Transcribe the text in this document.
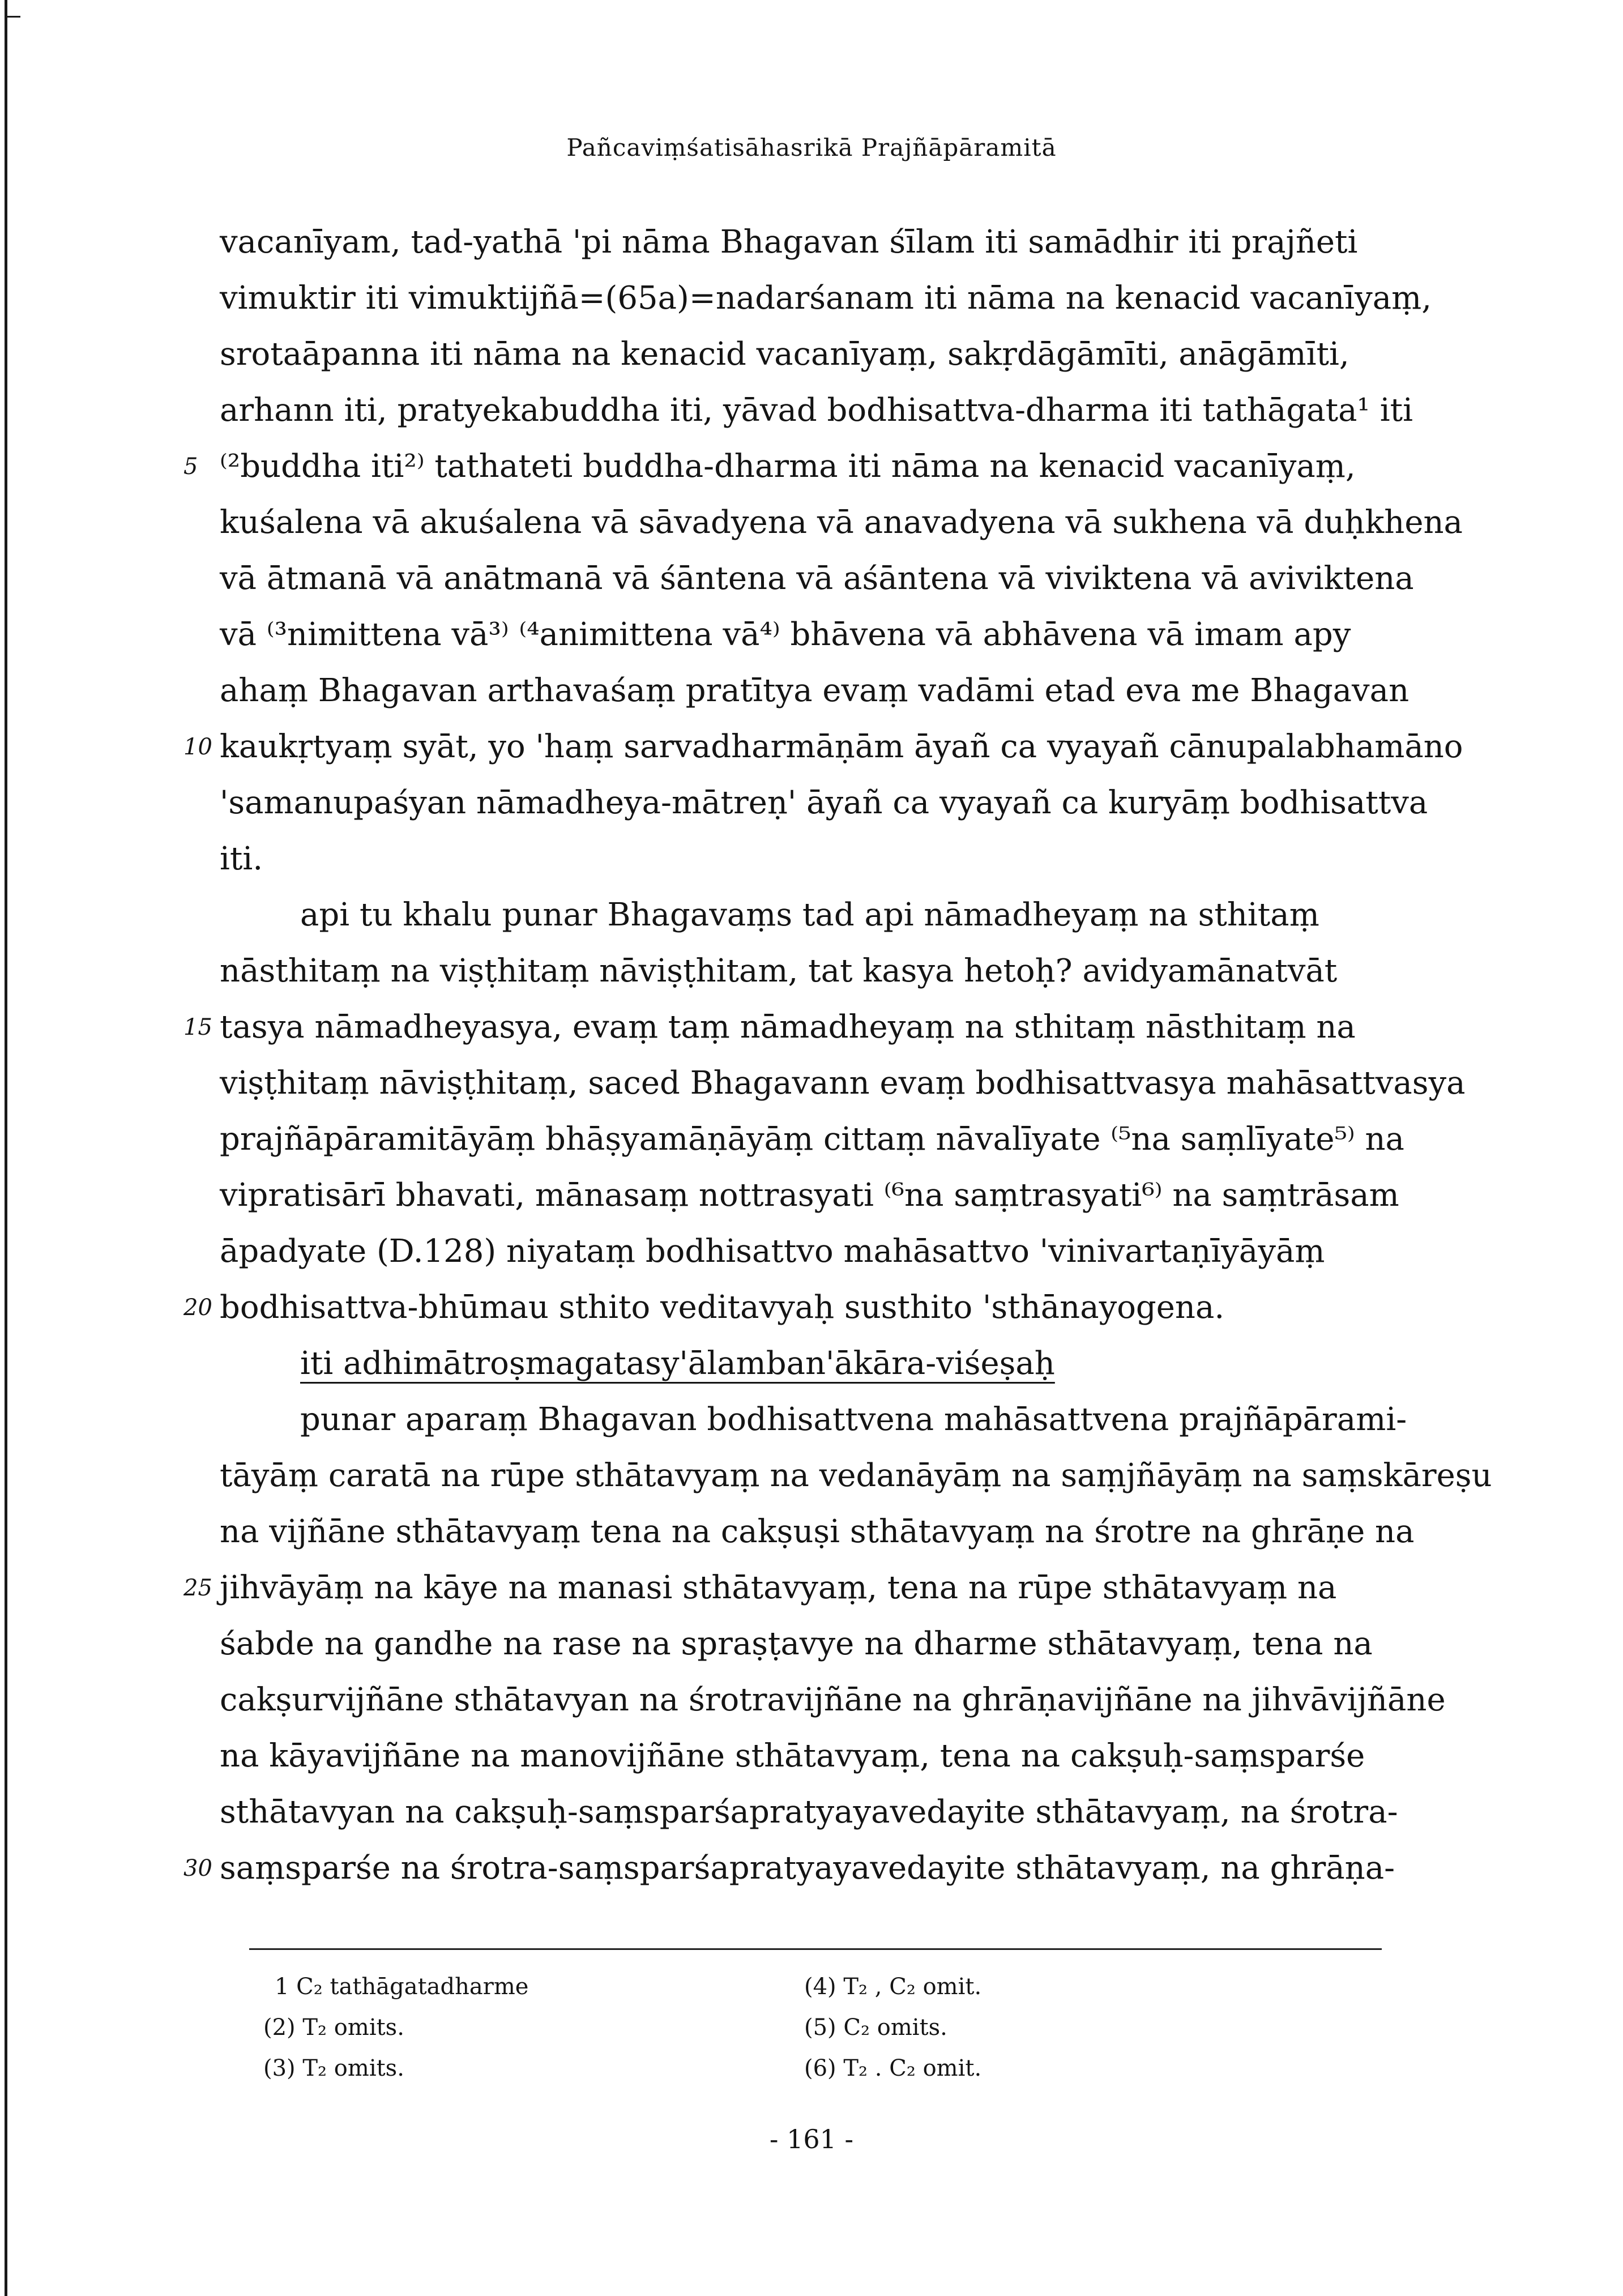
Pañcaviṃśatisāhasrikā Prajñāpāramitā
vacanīyam, tad-yathā 'pi nāma Bhagavan śīlam iti samādhir iti prajñeti
vimuktir iti vimuktijñā=(65a)=nadarśanam iti nāma na kenacid vacanīyaṃ,
srotaāpanna iti nāma na kenacid vacanīyaṃ, sakṛdāgāmīti, anāgāmīti,
arhann iti, pratyekabuddha iti, yāvad bodhisattva-dharma iti tathāgata¹ iti
⁽²buddha iti²⁾ tathateti buddha-dharma iti nāma na kenacid vacanīyaṃ,
kuśalena vā akuśalena vā sāvadyena vā anavadyena vā sukhena vā duḥkhena
vā ātmanā vā anātmanā vā śāntena vā aśāntena vā viviktena vā aviviktena
vā ⁽³nimittena vā³⁾ ⁽⁴animittena vā⁴⁾ bhāvena vā abhāvena vā imam apy
ahaṃ Bhagavan arthavaśaṃ pratītya evaṃ vadāmi etad eva me Bhagavan
kaukṛtyaṃ syāt, yo 'haṃ sarvadharmāṇām āyañ ca vyayañ cānupalabhamāno
'samanupaśyan nāmadheya-mātreṇ' āyañ ca vyayañ ca kuryāṃ bodhisattva
iti.
api tu khalu punar Bhagavaṃs tad api nāmadheyaṃ na sthitaṃ
nāsthitaṃ na viṣṭhitaṃ nāviṣṭhitam, tat kasya hetoḥ? avidyamānatvāt
tasya nāmadheyasya, evaṃ taṃ nāmadheyaṃ na sthitaṃ nāsthitaṃ na
viṣṭhitaṃ nāviṣṭhitaṃ, saced Bhagavann evaṃ bodhisattvasya mahāsattvasya
prajñāpāramitāyāṃ bhāṣyamāṇāyāṃ cittaṃ nāvalīyate ⁽⁵na saṃlīyate⁵⁾ na
vipratisārī bhavati, mānasaṃ nottrasyati ⁽⁶na saṃtrasyati⁶⁾ na saṃtrāsam
āpadyate (D.128) niyataṃ bodhisattvo mahāsattvo 'vinivartaṇīyāyāṃ
bodhisattva-bhūmau sthito veditavyaḥ susthito 'sthānayogena.
iti adhimātroṣmagatasy'ālamban'ākāra-viśeṣaḥ
punar aparaṃ Bhagavan bodhisattvena mahāsattvena prajñāpārami-
tāyāṃ caratā na rūpe sthātavyaṃ na vedanāyāṃ na saṃjñāyāṃ na saṃskāreṣu
na vijñāne sthātavyaṃ tena na cakṣuṣi sthātavyaṃ na śrotre na ghrāṇe na
jihvāyāṃ na kāye na manasi sthātavyaṃ, tena na rūpe sthātavyaṃ na
śabde na gandhe na rase na spraṣṭavye na dharme sthātavyaṃ, tena na
cakṣurvijñāne sthātavyan na śrotravijñāne na ghrāṇavijñāne na jihvāvijñāne
na kāyavijñāne na manovijñāne sthātavyaṃ, tena na cakṣuḥ-saṃsparśe
sthātavyan na cakṣuḥ-saṃsparśapratyayavedayite sthātavyaṃ, na śrotra-
saṃsparśe na śrotra-saṃsparśapratyayavedayite sthātavyaṃ, na ghrāṇa-
5
10
15
20
25
30
1 C₂ tathāgatadharme
(2) T₂ omits.
(3) T₂ omits.
(4) T₂ , C₂ omit.
(5) C₂ omits.
(6) T₂ . C₂ omit.
- 161 -
